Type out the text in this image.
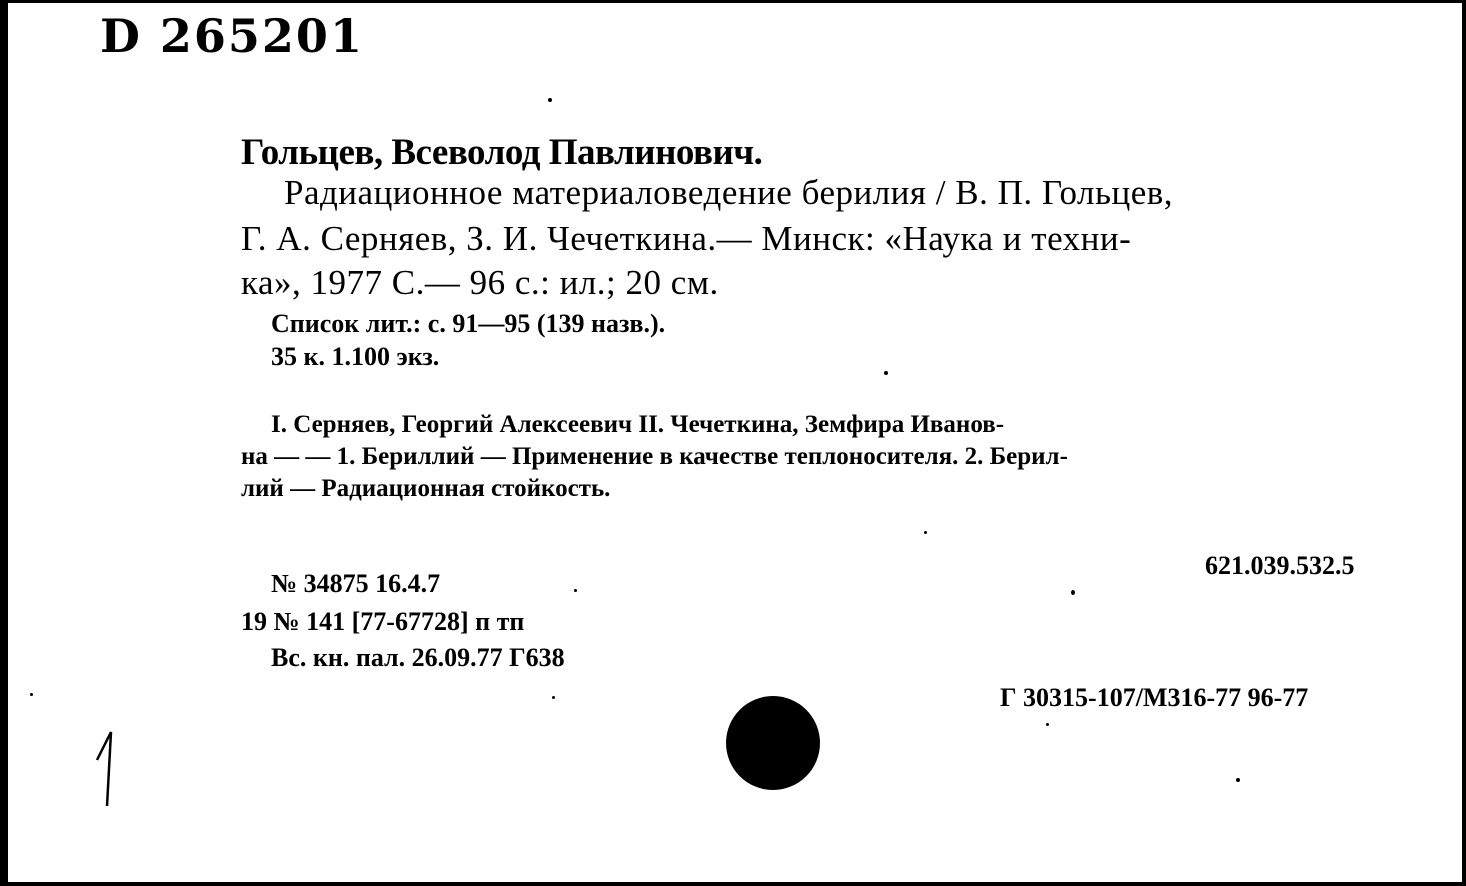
D 265201

Гольцев, Всеволод Павлинович.

Радиационное материаловедение берилия / В. П. Гольцев,

Г. А. Серняев, З. И. Чечеткина.— Минск: «Наука и техни-

ка», 1977 С.— 96 с.: ил.; 20 см.

Список лит.: с. 91—95 (139 назв.).

35 к. 1.100 экз.

I. Серняев, Георгий Алексеевич II. Чечеткина, Земфира Иванов-

на — — 1. Бериллий — Применение в качестве теплоносителя. 2. Берил-

лий — Радиационная стойкость.

621.039.532.5

№ 34875 16.4.7

19 № 141 [77-67728] п тп

Вс. кн. пал. 26.09.77 Г638

Г 30315-107/М316-77 96-77
